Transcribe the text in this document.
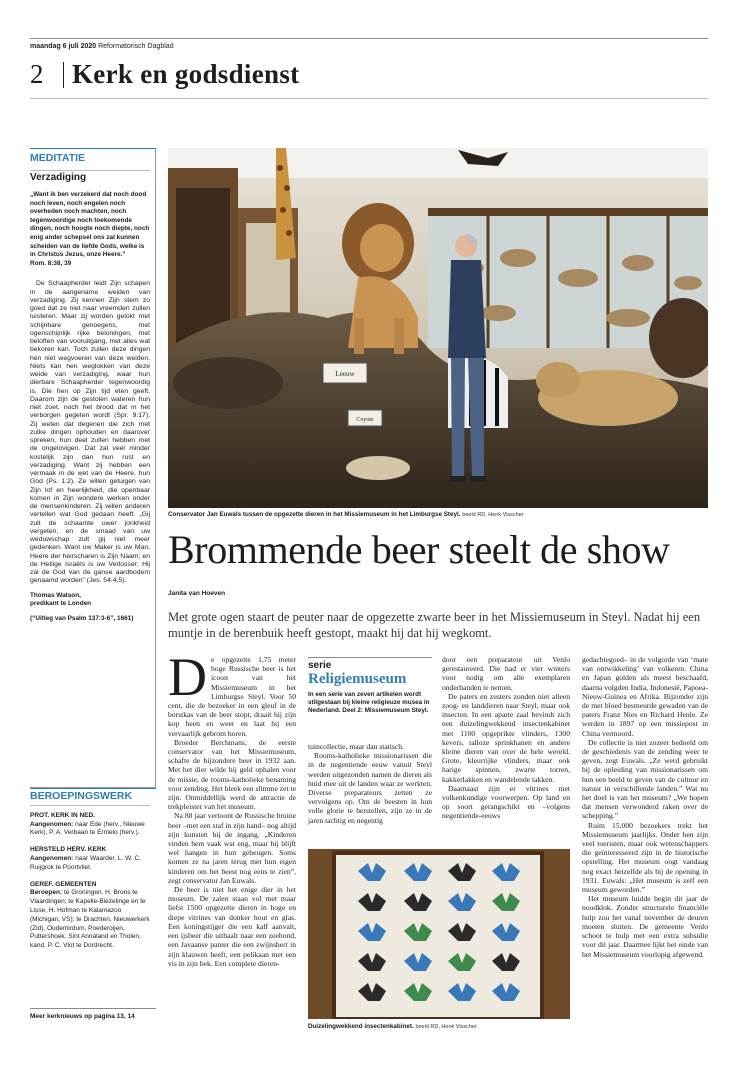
maandag 6 juli 2020 Reformatorisch Dagblad
2 Kerk en godsdienst
MEDITATIE
Verzadiging
„Want ik ben verzekerd dat noch dood noch leven, noch engelen noch overheden noch machten, noch tegenwoordige noch toekomende dingen, noch hoogte noch diepte, noch enig ander schepsel ons zal kunnen scheiden van de liefde Gods, welke is in Christus Jezus, onze Heere.”
Rom. 8:38, 39

De Schaapherder leidt Zijn schapen in de aangename weiden van verzadiging. Zij kennen Zijn stem zo goed dat ze niet naar vreemden zullen luisteren. Maar zij worden gelokt met schijnbare genoegens, met ogenschijnlijk rijke beloningen, met beloften van vooruitgang, met alles wat bekoren kan. Toch zullen deze dingen hen niet wegvoeren van deze weiden. Niets kan hen weglokken van deze weide van verzadiging, waar hun dierbare Schaapherder tegenwoordig is. Die hen op Zijn tijd eten geeft. Daarom zijn de gestolen wateren hun niet zoet, noch het brood dat in het verborgen gegeten wordt (Spr. 9:17). Zij weten dat degenen die zich met zulke dingen ophouden en daarover spreken, hun deel zullen hebben met de ongelovigen. Dat zal veel minder kostelijk zijn dan hun rust en verzadiging. Want zij hebben een vermaak in de wet van de Heere, hun God (Ps. 1:2). Ze willen getuigen van Zijn lof en heerlijkheid, die openbaar komen in Zijn wondere werken onder de mensenkinderen. Zij willen anderen vertellen wat God gedaan heeft. „Gij zult de schaamte uwer jonkheid vergeten, en de smaad van uw weduwschap zult gij niet meer gedenken. Want uw Maker is uw Man, Heere der heirscharen is Zijn Naam; en de Heilige Israëls is uw Verlosser; Hij zal de God van de ganse aardbodem genaamd worden” (Jes. 54:4,5).

Thomas Watson,
predikant te Londen
(“Uitleg van Psalm 137:3-6”, 1661)
BEROEPINGSWERK
PROT. KERK IN NED.
Aangenomen: naar Ede (herv., Nieuwe Kerk), P. A. Verbaan te Ermelo (herv.).
HERSTELD HERV. KERK
Aangenomen: naar Waarder, L. W. C. Ruijgrok te Poortvliet.
GEREF. GEMEENTEN
Beroepen: te Groningen, H. Brons te Vlaardingen; te Kapelle-Biezelinge en te Lisse, H. Hofman te Kalamazoo (Michigan, VS); te Drachten, Nieuwerkerk (Zld), Oudemirdum, Poederoijen, Puttershoek, Sint Annaland en Tholen, kand. P. C. Vlot te Dordrecht.
Meer kerknieuws op pagina 13, 14
Leeuw
Coyote
Conservator Jan Euwals tussen de opgezette dieren in het Missiemuseum in het Limburgse Steyl. beeld RD, Henk Visscher
Brommende beer steelt de show
Janita van Hoeven
Met grote ogen staart de peuter naar de opgezette zwarte beer in het Missiemuseum in Steyl. Nadat hij een muntje in de berenbuik heeft gestopt, maakt hij dat hij wegkomt.
D e opgezette 1,75 meter hoge Russische beer is het icoon van het Missiemuseum in het Limburgse Steyl. Voor 50 cent, die de bezoeker in een gleuf in de borstkas van de beer stopt, draait hij zijn kop heen en weer en laat hij een vervaarlijk gebrom horen.

Broeder Berchmans, de eerste conservator van het Missiemuseum, schafte de bijzondere beer in 1932 aan. Met het dier wilde hij geld ophalen voor de missie, de rooms-katholieke benaming voor zending. Het bleek een slimme zet te zijn. Onmiddellijk werd de attractie de trekpleister van het museum.

Na 88 jaar vertoont de Russische bruine beer –met een staf in zijn hand– nog altijd zijn kunsten bij de ingang. „Kinderen vinden hem vaak wat eng, maar hij blijft wel hangen in hun geheugen. Soms komen ze na jaren terug met hun eigen kinderen om het beest nog eens te zien”, zegt conservator Jan Euwals.

De beer is niet het enige dier in het museum. De zalen staan vol met maar liefst 1500 opgezette dieren in hoge en diepe vitrines van donker hout en glas. Een koningstijger die een kalf aanvalt, een ijsbeer die uithaalt naar een zeehond, een Javaanse panter die een zwijnshert in zijn klauwen heeft, een pelikaan met een vis in zijn bek. Een complete dieren-

serie
Religiemuseum
In een serie van zeven artikelen wordt stilgestaan bij kleine religieuze musea in Nederland. Deel 2: Missiemuseum Steyl.

tuincollectie, maar dan statisch.

Rooms-katholieke missionarissen die in de negentiende eeuw vanuit Steyl werden uitgezonden namen de dieren als huid mee uit de landen waar ze werkten. Diverse preparateurs zetten ze vervolgens op. Om de beesten in hun volle glorie te herstellen, zijn ze in de jaren tachtig en negentig

Duizelingwekkend insectenkabinet. beeld RD, Henk Visscher

door een preparateur uit Venlo gerestaureerd. Die had er vier winters voor nodig om alle exemplaren onderhanden te nemen.

De paters en zusters zonden niet alleen zoog- en landdieren naar Steyl, maar ook insecten. In een aparte zaal bevindt zich een duizelingwekkend insectenkabinet met 1100 opgeprikte vlinders, 1300 kevers, talloze sprinkhanen en andere kleine dieren van over de hele wereld. Grote, kleurrijke vlinders, maar ook harige spinnen, zwarte torren, kakkerlakken en wandelende takken.

Daarnaast zijn er vitrines met volkenkundige voorwerpen. Op land en op soort gerangschikt en –volgens negentiende-eeuws

gedachtegoed– in de volgorde van ‘mate van ontwikkeling’ van volkeren. China en Japan golden als meest beschaafd, daarna volgden India, Indonesië, Papoea-Nieuw-Guinea en Afrika. Bijzonder zijn de met bloed besmeurde gewaden van de paters Franz Nies en Richard Henle. Ze werden in 1897 op een missiepost in China vermoord.

De collectie is niet zozeer bedoeld om de geschiedenis van de zending weer te geven, zegt Euwals. „Ze werd gebruikt bij de opleiding van missionarissen om hun een beeld te geven van de cultuur en natuur in verschillende landen.” Wat nu het doel is van het museum? „We hopen dat mensen verwonderd raken over de schepping.”

Ruim 15.000 bezoekers trekt het Missiemuseum jaarlijks. Onder hen zijn veel toeristen, maar ook wetenschappers die geïnteresseerd zijn in de historische opstelling. Het museum oogt vandaag nog exact hetzelfde als bij de opening in 1931. Euwals: „Het museum is zelf een museum geworden.”

Het museum luidde begin dit jaar de noodklok. Zonder structurele financiële hulp zou het vanaf november de deuren moeten sluiten. De gemeente Venlo schoot te hulp met een extra subsidie voor dit jaar. Daarmee lijkt het einde van het Missiemuseum voorlopig afgewend.
